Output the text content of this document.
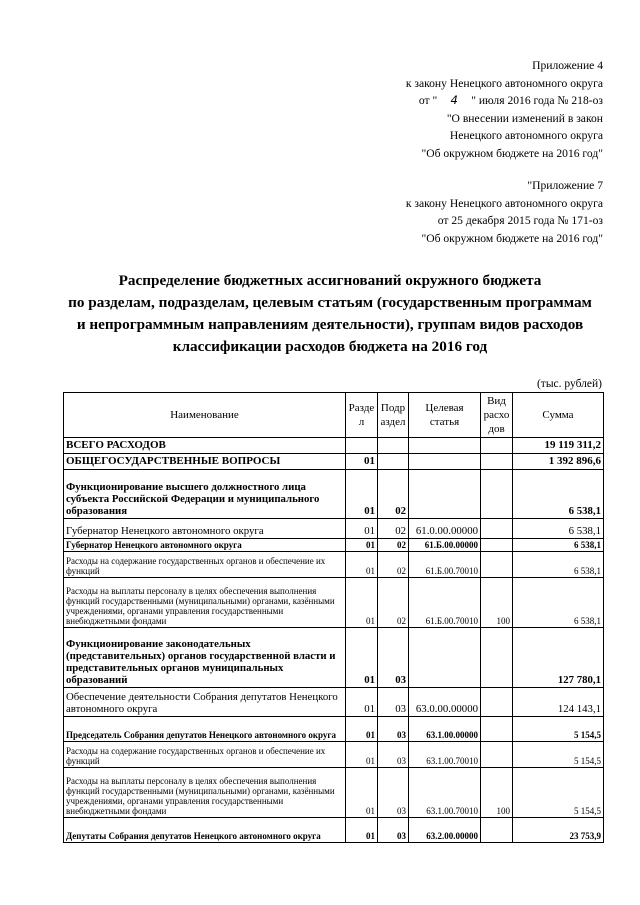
Приложение 4
к закону Ненецкого автономного округа
от " 4 " июля 2016 года № 218-оз
"О внесении изменений в закон
Ненецкого автономного округа
"Об окружном бюджете на 2016 год"
"Приложение 7
к закону Ненецкого автономного округа
от 25 декабря 2015 года № 171-оз
"Об окружном бюджете на 2016 год"
Распределение бюджетных ассигнований окружного бюджета
по разделам, подразделам, целевым статьям (государственным программам
и непрограммным направлениям деятельности), группам видов расходов
классификации расходов бюджета на 2016 год
(тыс. рублей)
Наименование	Разде л	Подр аздел	Целевая статья	Вид расхо дов	Сумма
ВСЕГО РАСХОДОВ					19 119 311,2
ОБЩЕГОСУДАРСТВЕННЫЕ ВОПРОСЫ	01				1 392 896,6
Функционирование высшего должностного лица субъекта Российской Федерации и муниципального образования	01	02			6 538,1
Губернатор Ненецкого автономного округа	01	02	61.0.00.00000		6 538,1
Губернатор Ненецкого автономного округа	01	02	61.Б.00.00000		6 538,1
Расходы на содержание государственных органов и обеспечение их функций	01	02	61.Б.00.70010		6 538,1
Расходы на выплаты персоналу в целях обеспечения выполнения функций государственными (муниципальными) органами, казёнными учреждениями, органами управления государственными внебюджетными фондами	01	02	61.Б.00.70010	100	6 538,1
Функционирование законодательных (представительных) органов государственной власти и представительных органов муниципальных образований	01	03			127 780,1
Обеспечение деятельности Собрания депутатов Ненецкого автономного округа	01	03	63.0.00.00000		124 143,1
Председатель Собрания депутатов Ненецкого автономного округа	01	03	63.1.00.00000		5 154,5
Расходы на содержание государственных органов и обеспечение их функций	01	03	63.1.00.70010		5 154,5
Расходы на выплаты персоналу в целях обеспечения выполнения функций государственными (муниципальными) органами, казёнными учреждениями, органами управления государственными внебюджетными фондами	01	03	63.1.00.70010	100	5 154,5
Депутаты Собрания депутатов Ненецкого автономного округа	01	03	63.2.00.00000		23 753,9
